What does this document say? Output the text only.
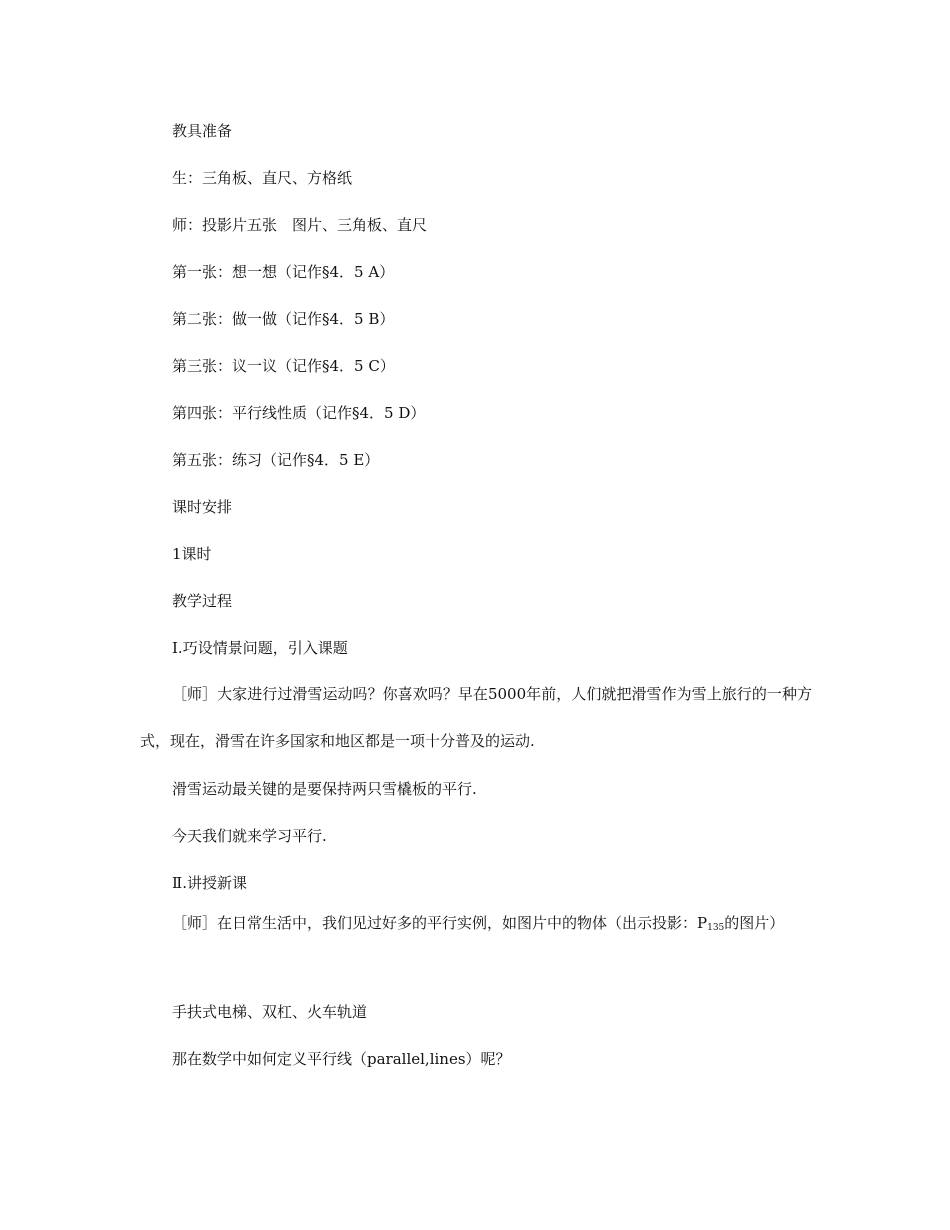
教具准备
生：三角板、直尺、方格纸
师：投影片五张　图片、三角板、直尺
第一张：想一想（记作§4．5 A）
第二张：做一做（记作§4．5 B）
第三张：议一议（记作§4．5 C）
第四张：平行线性质（记作§4．5 D）
第五张：练习（记作§4．5 E）
课时安排
1课时
教学过程
Ⅰ.巧设情景问题，引入课题
［师］大家进行过滑雪运动吗？你喜欢吗？早在5000年前，人们就把滑雪作为雪上旅行的一种方式，现在，滑雪在许多国家和地区都是一项十分普及的运动.
滑雪运动最关键的是要保持两只雪橇板的平行.
今天我们就来学习平行.
Ⅱ.讲授新课
［师］在日常生活中，我们见过好多的平行实例，如图片中的物体（出示投影：$P_{135}$的图片）
手扶式电梯、双杠、火车轨道
那在数学中如何定义平行线（parallel,lines）呢？
